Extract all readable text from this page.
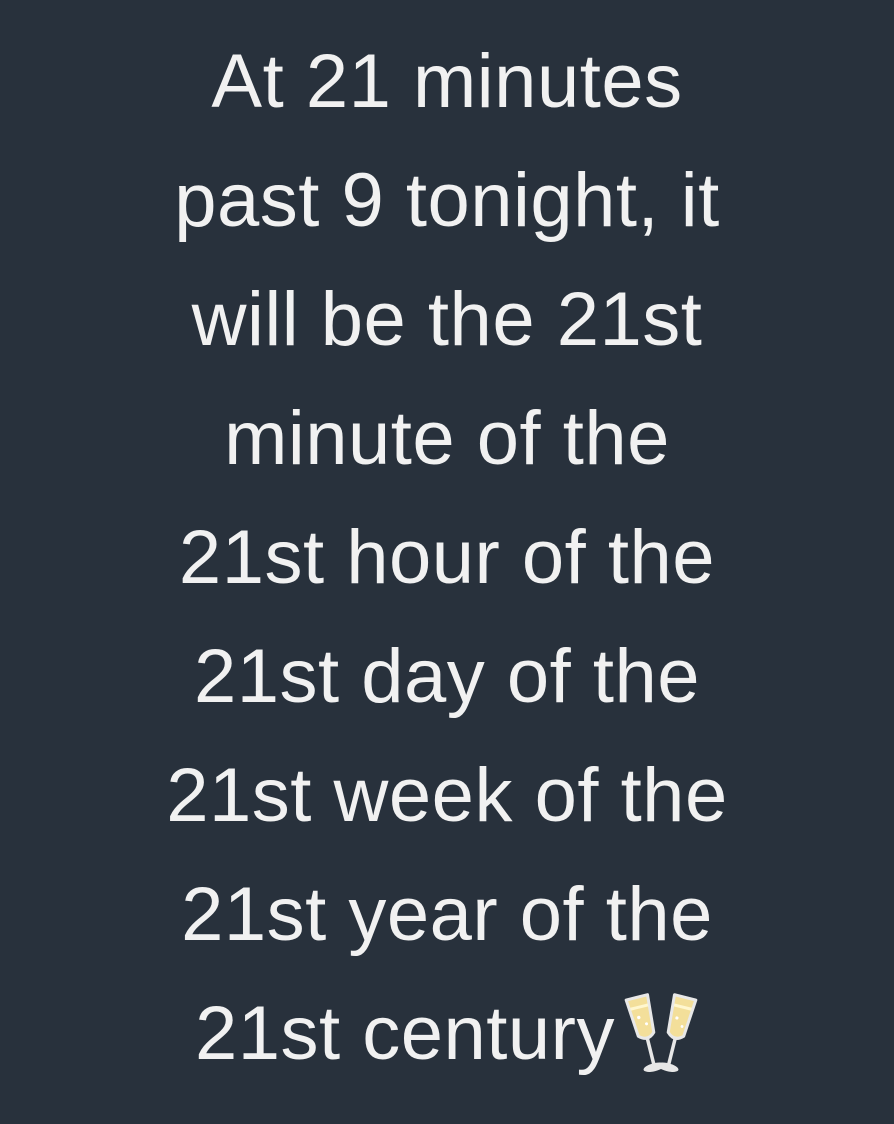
At 21 minutes
past 9 tonight, it
will be the 21st
minute of the
21st hour of the
21st day of the
21st week of the
21st year of the
21st century
